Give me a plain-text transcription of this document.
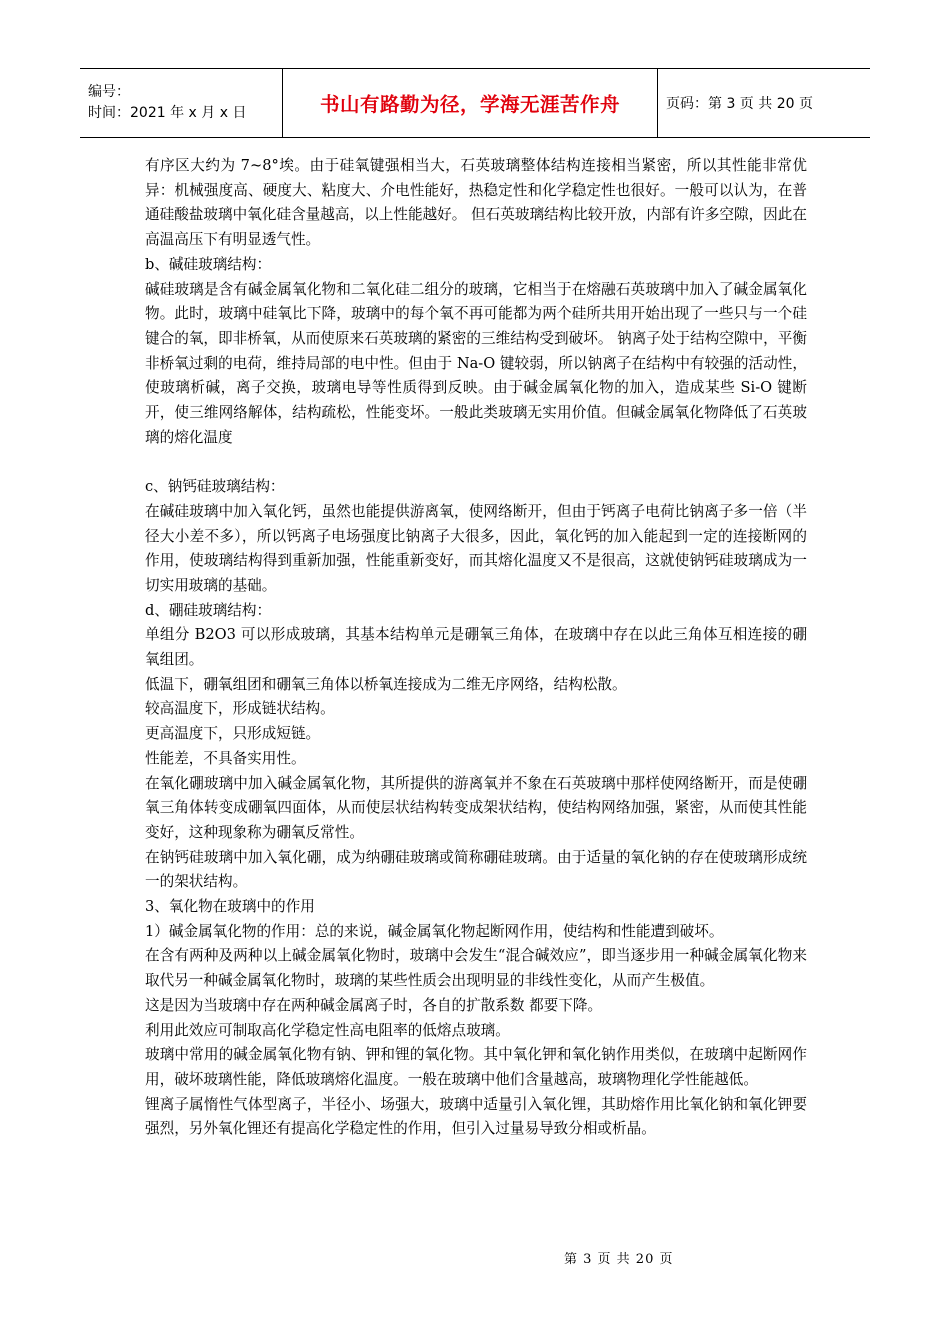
编号：
时间：2021 年 x 月 x 日	书山有路勤为径，学海无涯苦作舟	页码：第 3 页 共 20 页

有序区大约为 7~8°埃。由于硅氧键强相当大，石英玻璃整体结构连接相当紧密，所以其性能非常优异：机械强度高、硬度大、粘度大、介电性能好，热稳定性和化学稳定性也很好。一般可以认为，在普通硅酸盐玻璃中氧化硅含量越高，以上性能越好。 但石英玻璃结构比较开放，内部有许多空隙，因此在高温高压下有明显透气性。

b、碱硅玻璃结构：

碱硅玻璃是含有碱金属氧化物和二氧化硅二组分的玻璃，它相当于在熔融石英玻璃中加入了碱金属氧化物。此时，玻璃中硅氧比下降，玻璃中的每个氧不再可能都为两个硅所共用开始出现了一些只与一个硅键合的氧，即非桥氧，从而使原来石英玻璃的紧密的三维结构受到破坏。 钠离子处于结构空隙中，平衡非桥氧过剩的电荷，维持局部的电中性。但由于 Na-O 键较弱，所以钠离子在结构中有较强的活动性，使玻璃析碱，离子交换，玻璃电导等性质得到反映。由于碱金属氧化物的加入，造成某些 Si-O 键断开，使三维网络解体，结构疏松，性能变坏。一般此类玻璃无实用价值。但碱金属氧化物降低了石英玻璃的熔化温度

c、钠钙硅玻璃结构：

在碱硅玻璃中加入氧化钙，虽然也能提供游离氧，使网络断开，但由于钙离子电荷比钠离子多一倍（半径大小差不多），所以钙离子电场强度比钠离子大很多，因此，氧化钙的加入能起到一定的连接断网的作用，使玻璃结构得到重新加强，性能重新变好，而其熔化温度又不是很高，这就使钠钙硅玻璃成为一切实用玻璃的基础。

d、硼硅玻璃结构：

单组分 B2O3 可以形成玻璃，其基本结构单元是硼氧三角体，在玻璃中存在以此三角体互相连接的硼氧组团。

低温下，硼氧组团和硼氧三角体以桥氧连接成为二维无序网络，结构松散。

较高温度下，形成链状结构。

更高温度下，只形成短链。

性能差，不具备实用性。

在氧化硼玻璃中加入碱金属氧化物，其所提供的游离氧并不象在石英玻璃中那样使网络断开，而是使硼氧三角体转变成硼氧四面体，从而使层状结构转变成架状结构，使结构网络加强，紧密，从而使其性能变好，这种现象称为硼氧反常性。

在钠钙硅玻璃中加入氧化硼，成为纳硼硅玻璃或简称硼硅玻璃。由于适量的氧化钠的存在使玻璃形成统一的架状结构。

3、氧化物在玻璃中的作用

1）碱金属氧化物的作用：总的来说，碱金属氧化物起断网作用，使结构和性能遭到破坏。

在含有两种及两种以上碱金属氧化物时，玻璃中会发生“混合碱效应”，即当逐步用一种碱金属氧化物来取代另一种碱金属氧化物时，玻璃的某些性质会出现明显的非线性变化，从而产生极值。

这是因为当玻璃中存在两种碱金属离子时，各自的扩散系数 都要下降。

利用此效应可制取高化学稳定性高电阻率的低熔点玻璃。

玻璃中常用的碱金属氧化物有钠、钾和锂的氧化物。其中氧化钾和氧化钠作用类似，在玻璃中起断网作用，破坏玻璃性能，降低玻璃熔化温度。一般在玻璃中他们含量越高，玻璃物理化学性能越低。

锂离子属惰性气体型离子，半径小、场强大，玻璃中适量引入氧化锂，其助熔作用比氧化钠和氧化钾要强烈，另外氧化锂还有提高化学稳定性的作用，但引入过量易导致分相或析晶。

第 3 页 共 20 页
